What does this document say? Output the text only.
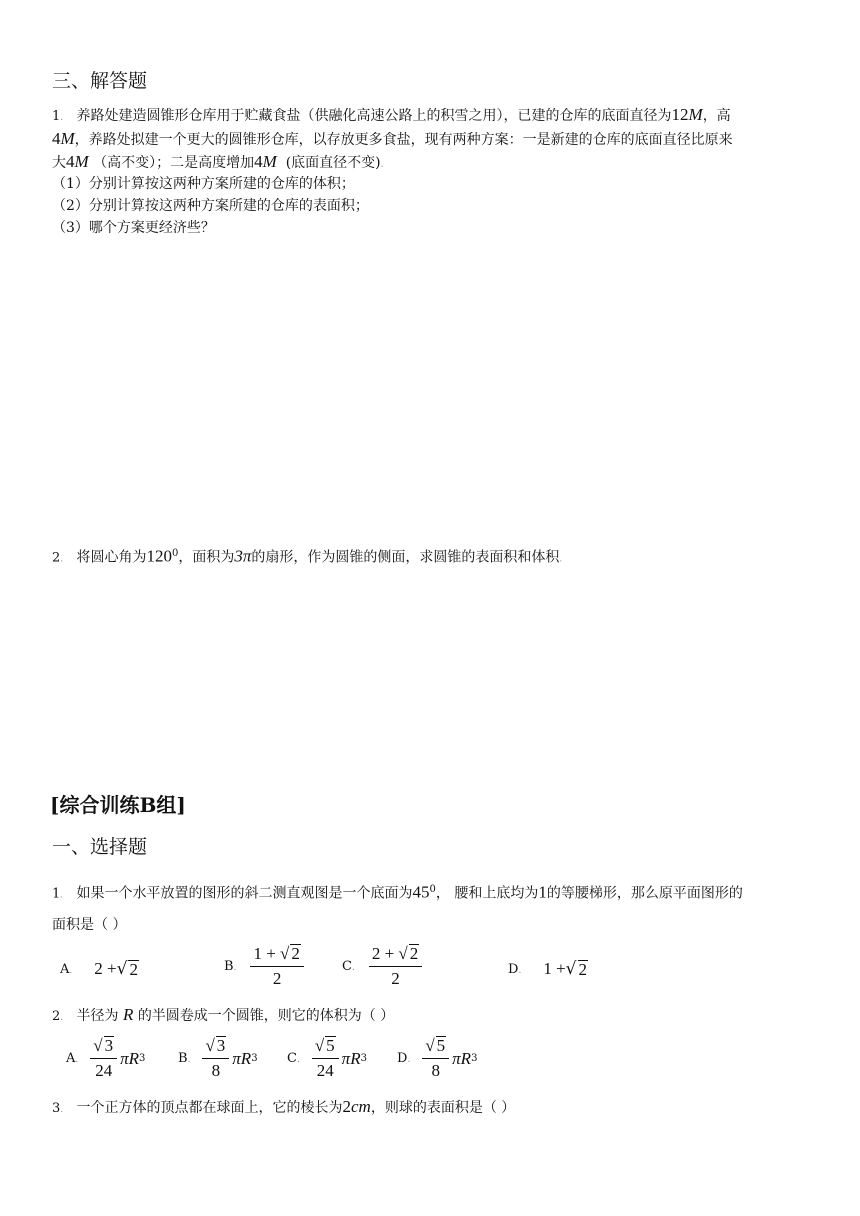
三、解答题
1. 养路处建造圆锥形仓库用于贮藏食盐（供融化高速公路上的积雪之用），已建的仓库的底面直径为12M，高
4M，养路处拟建一个更大的圆锥形仓库，以存放更多食盐，现有两种方案：一是新建的仓库的底面直径比原来
大4M （高不变）；二是高度增加4M (底面直径不变).
（1）分别计算按这两种方案所建的仓库的体积；
（2）分别计算按这两种方案所建的仓库的表面积；
（3）哪个方案更经济些？
2. 将圆心角为$120^0$，面积为3π的扇形，作为圆锥的侧面，求圆锥的表面积和体积.
[综合训练B组]
一、选择题
1. 如果一个水平放置的图形的斜二测直观图是一个底面为$45^0$， 腰和上底均为1的等腰梯形，那么原平面图形的
面积是（ ）
A. 2 + √ 2	B. $\frac{1 + √ 2}{2}$	C. $\frac{2 + √ 2}{2}$	D. 1 + √ 2
2. 半径为 R 的半圆卷成一个圆锥，则它的体积为（ ）
A. $\frac{√ 3}{24}$ πR 3	B. $\frac{√ 3}{8}$ πR 3 C. $\frac{√ 5}{24}$ πR 3 D. $\frac{√ 5}{8}$ πR 3
3. 一个正方体的顶点都在球面上，它的棱长为2cm，则球的表面积是（ ）
